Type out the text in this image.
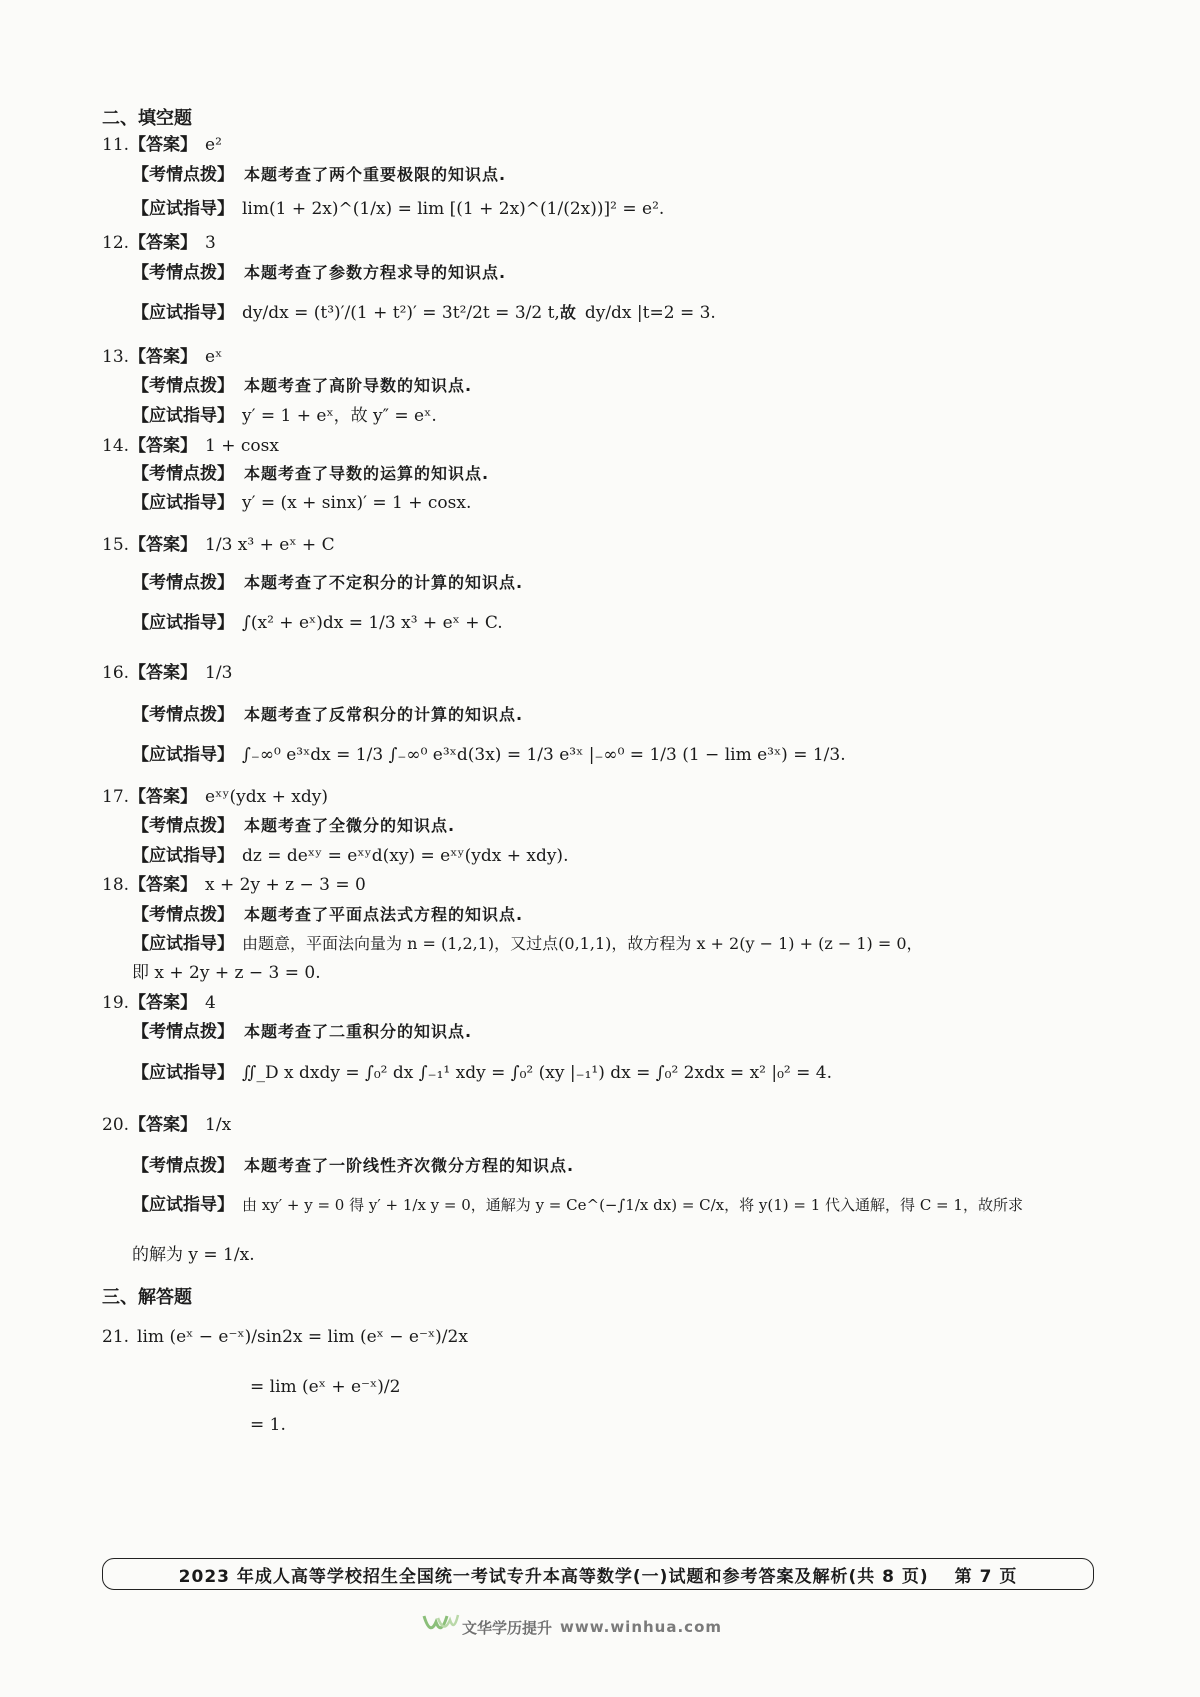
二、填空题
11.【答案】 e²
【考情点拨】 本题考查了两个重要极限的知识点.
【应试指导】 lim(1 + 2x)^(1/x) = lim [(1 + 2x)^(1/(2x))]² = e².
12.【答案】 3
【考情点拨】 本题考查了参数方程求导的知识点.
【应试指导】 dy/dx = (t³)′/(1 + t²)′ = 3t²/2t = 3/2 t,故 dy/dx |t=2 = 3.
13.【答案】 eˣ
【考情点拨】 本题考查了高阶导数的知识点.
【应试指导】 y′ = 1 + eˣ，故 y″ = eˣ.
14.【答案】 1 + cosx
【考情点拨】 本题考查了导数的运算的知识点.
【应试指导】 y′ = (x + sinx)′ = 1 + cosx.
15.【答案】 1/3 x³ + eˣ + C
【考情点拨】 本题考查了不定积分的计算的知识点.
【应试指导】 ∫(x² + eˣ)dx = 1/3 x³ + eˣ + C.
16.【答案】 1/3
【考情点拨】 本题考查了反常积分的计算的知识点.
【应试指导】 ∫₋∞⁰ e³ˣdx = 1/3 ∫₋∞⁰ e³ˣd(3x) = 1/3 e³ˣ |₋∞⁰ = 1/3 (1 − lim e³ˣ) = 1/3.
17.【答案】 eˣʸ(ydx + xdy)
【考情点拨】 本题考查了全微分的知识点.
【应试指导】 dz = deˣʸ = eˣʸd(xy) = eˣʸ(ydx + xdy).
18.【答案】 x + 2y + z − 3 = 0
【考情点拨】 本题考查了平面点法式方程的知识点.
【应试指导】 由题意，平面法向量为 n = (1,2,1)，又过点(0,1,1)，故方程为 x + 2(y − 1) + (z − 1) = 0，
即 x + 2y + z − 3 = 0.
19.【答案】 4
【考情点拨】 本题考查了二重积分的知识点.
【应试指导】 ∬_D x dxdy = ∫₀² dx ∫₋₁¹ xdy = ∫₀² (xy |₋₁¹) dx = ∫₀² 2xdx = x² |₀² = 4.
20.【答案】 1/x
【考情点拨】 本题考查了一阶线性齐次微分方程的知识点.
【应试指导】 由 xy′ + y = 0 得 y′ + 1/x y = 0，通解为 y = Ce^(−∫1/x dx) = C/x，将 y(1) = 1 代入通解，得 C = 1，故所求
的解为 y = 1/x.
三、解答题
21. lim (eˣ − e⁻ˣ)/sin2x = lim (eˣ − e⁻ˣ)/2x
= lim (eˣ + e⁻ˣ)/2
= 1.
2023 年成人高等学校招生全国统一考试专升本高等数学(一)试题和参考答案及解析(共 8 页) 第 7 页
文华学历提升 www.winhua.com
